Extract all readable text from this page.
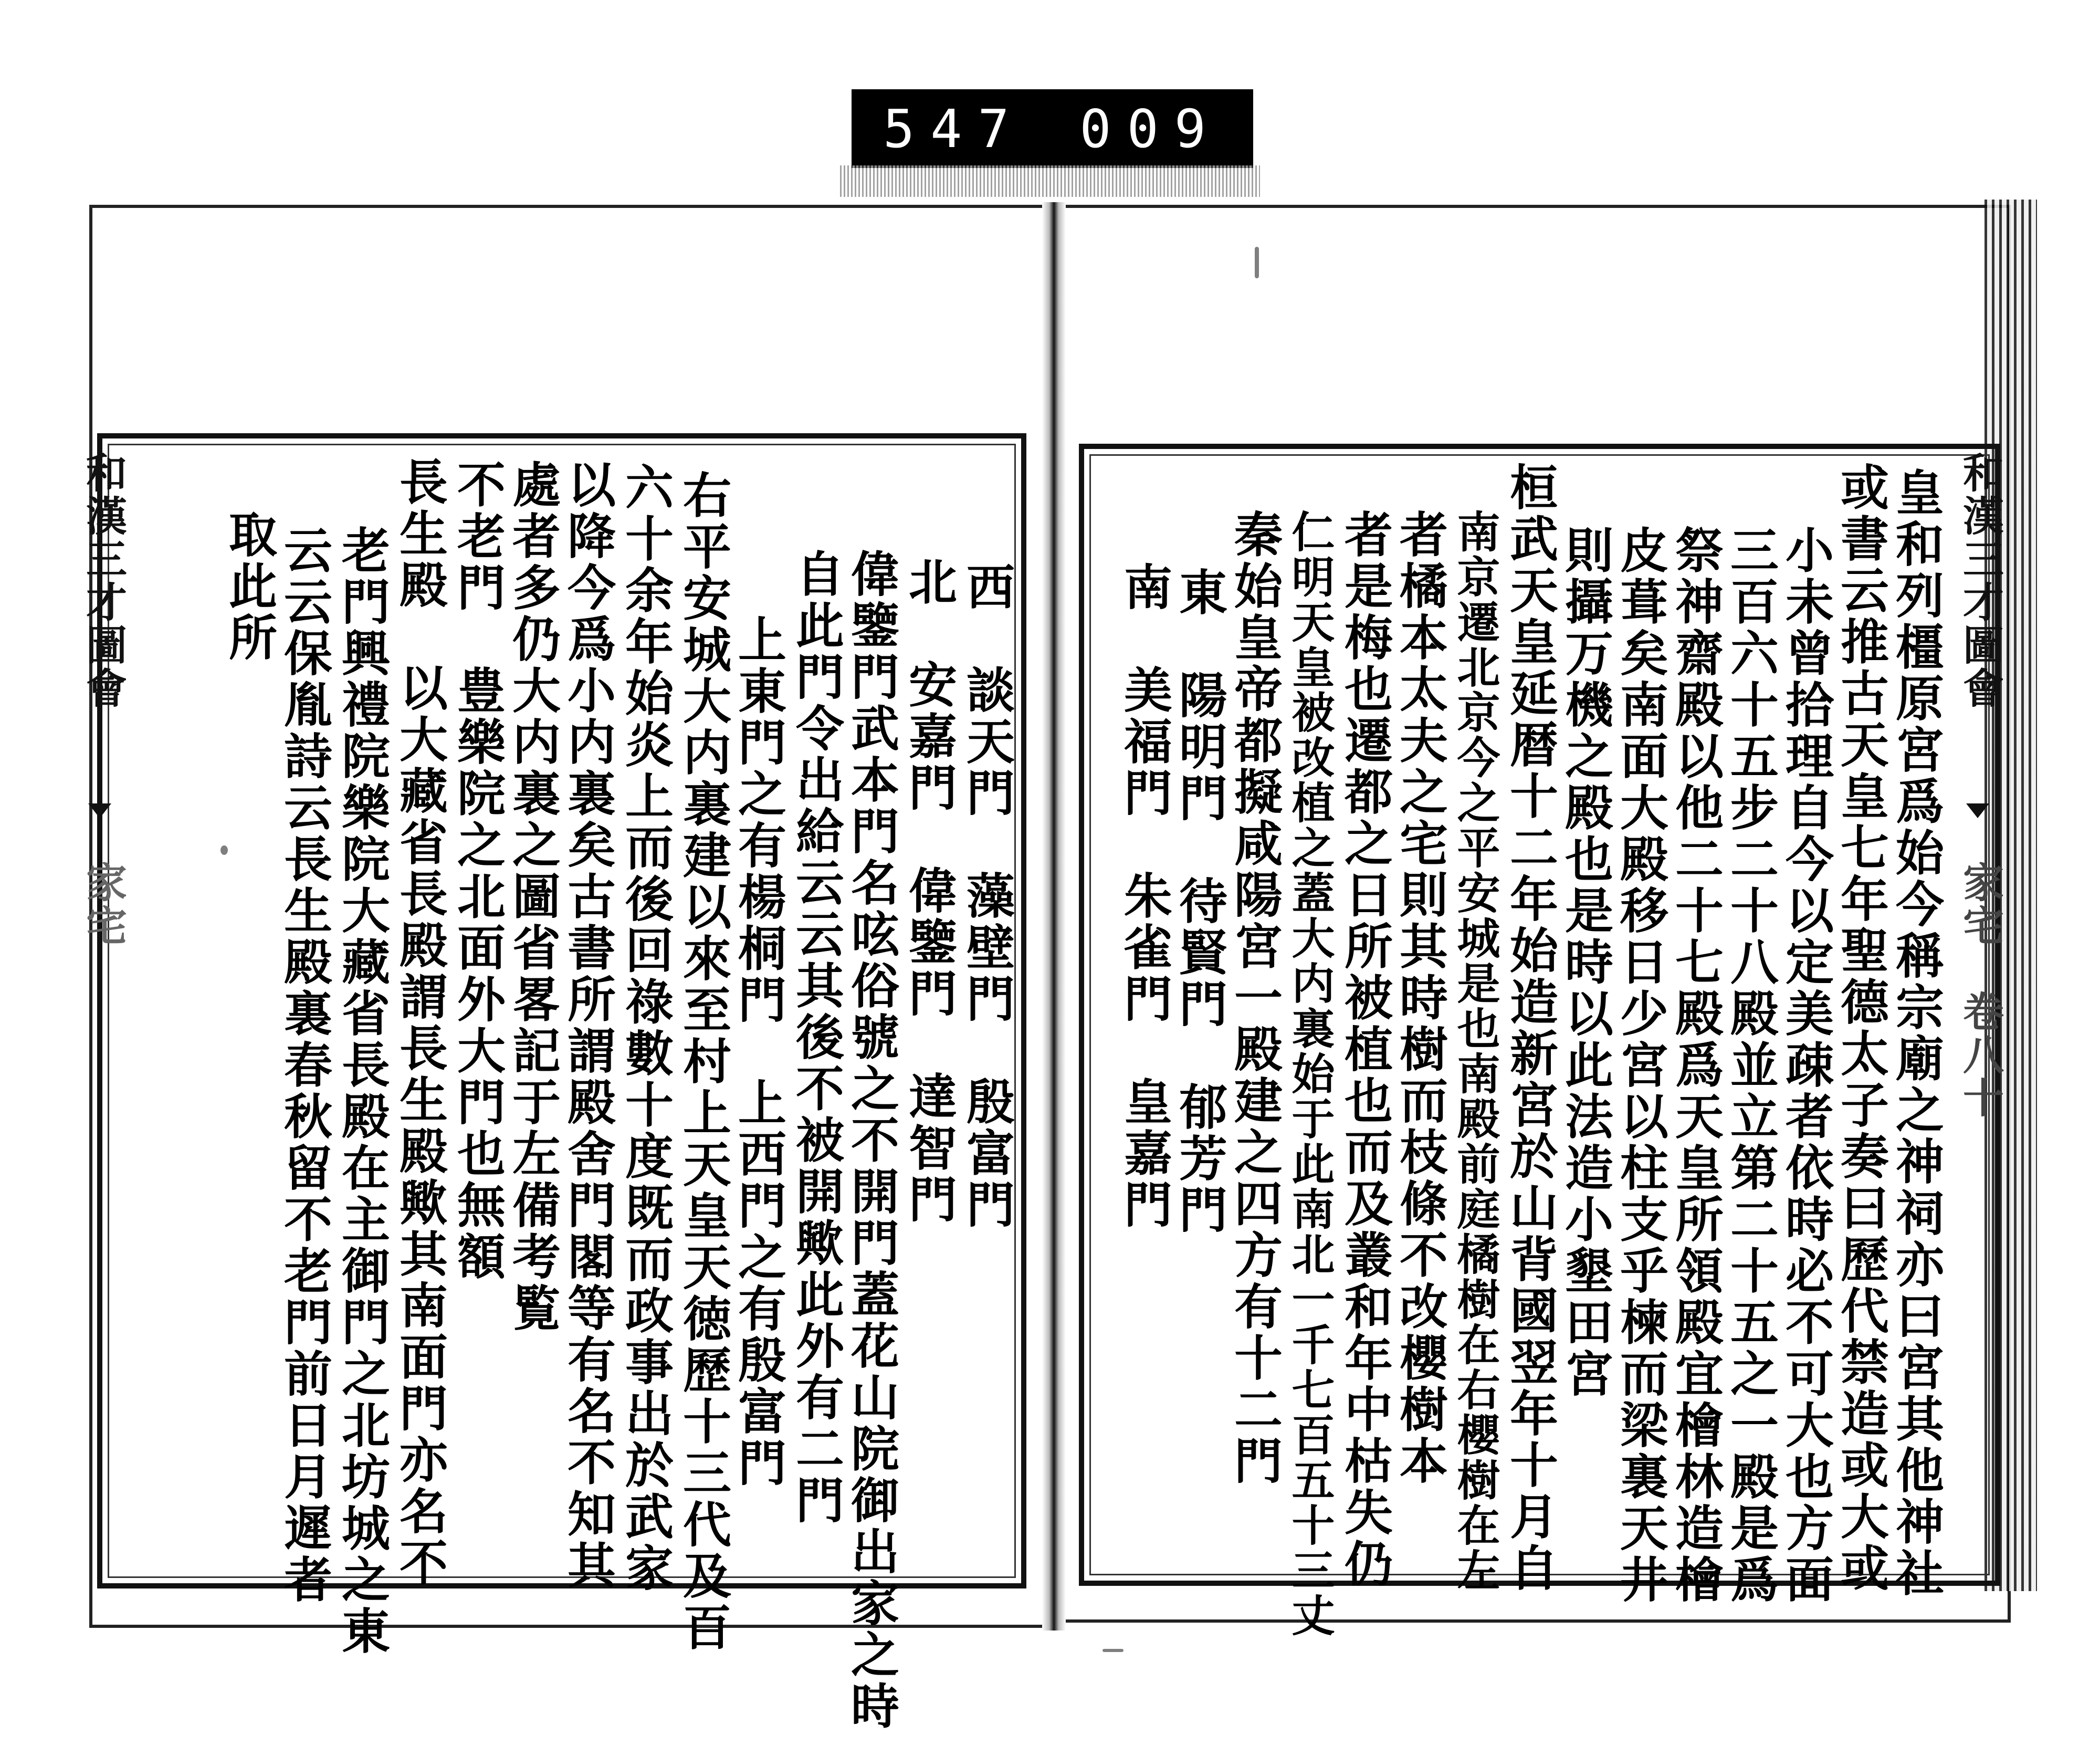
547 009
和漢三才圖會
家宅
和漢三才圖會
家宅　卷八十
西　談天門　藻壁門　殷富門
北　安嘉門　偉鑒門　達智門
偉鑒門武本門名呟俗號之不開門蓋花山院御出家之時
自此門令出給云云其後不被開歟此外有二門
上東門之有楊桐門　上西門之有殷富門
右平安城大内裏建以來至村上天皇天徳歷十三代及百
六十余年始炎上而後回祿數十度既而政事出於武家
以降今爲小内裏矣古書所謂殿舍門閣等有名不知其
處者多仍大内裏之圖省畧記于左備考覧
不老門　豊樂院之北面外大門也無額
長生殿　以大藏省長殿謂長生殿歟其南面門亦名不
老門興禮院樂院大藏省長殿在主御門之北坊城之東
云云保胤詩云長生殿裏春秋留不老門前日月遲者
取此所	皇和列橿原宮爲始今稱宗廟之神祠亦曰宮其他神社
或書云推古天皇七年聖德太子奏曰歷代禁造或大或
小未曾拾理自今以定美疎者依時必不可大也方面
三百六十五步二十八殿並立第二十五之一殿是爲
祭神齋殿以他二十七殿爲天皇所領殿宜檜林造檜
皮葺矣南面大殿移日少宮以柱支乎楝而梁裏天井
則攝万機之殿也是時以此法造小墾田宮
桓武天皇延暦十二年始造新宮於山背國翌年十月自
南京遷北京今之平安城是也南殿前庭橘樹在右櫻樹在左
者橘本太夫之宅則其時樹而枝條不改櫻樹本
者是梅也遷都之日所被植也而及叢和年中枯失仍
仁明天皇被改植之蓋大内裏始于此南北一千七百五十三丈
秦始皇帝都擬咸陽宮一殿建之四方有十二門
東　陽明門　待賢門　郁芳門
南　美福門　朱雀門　皇嘉門
